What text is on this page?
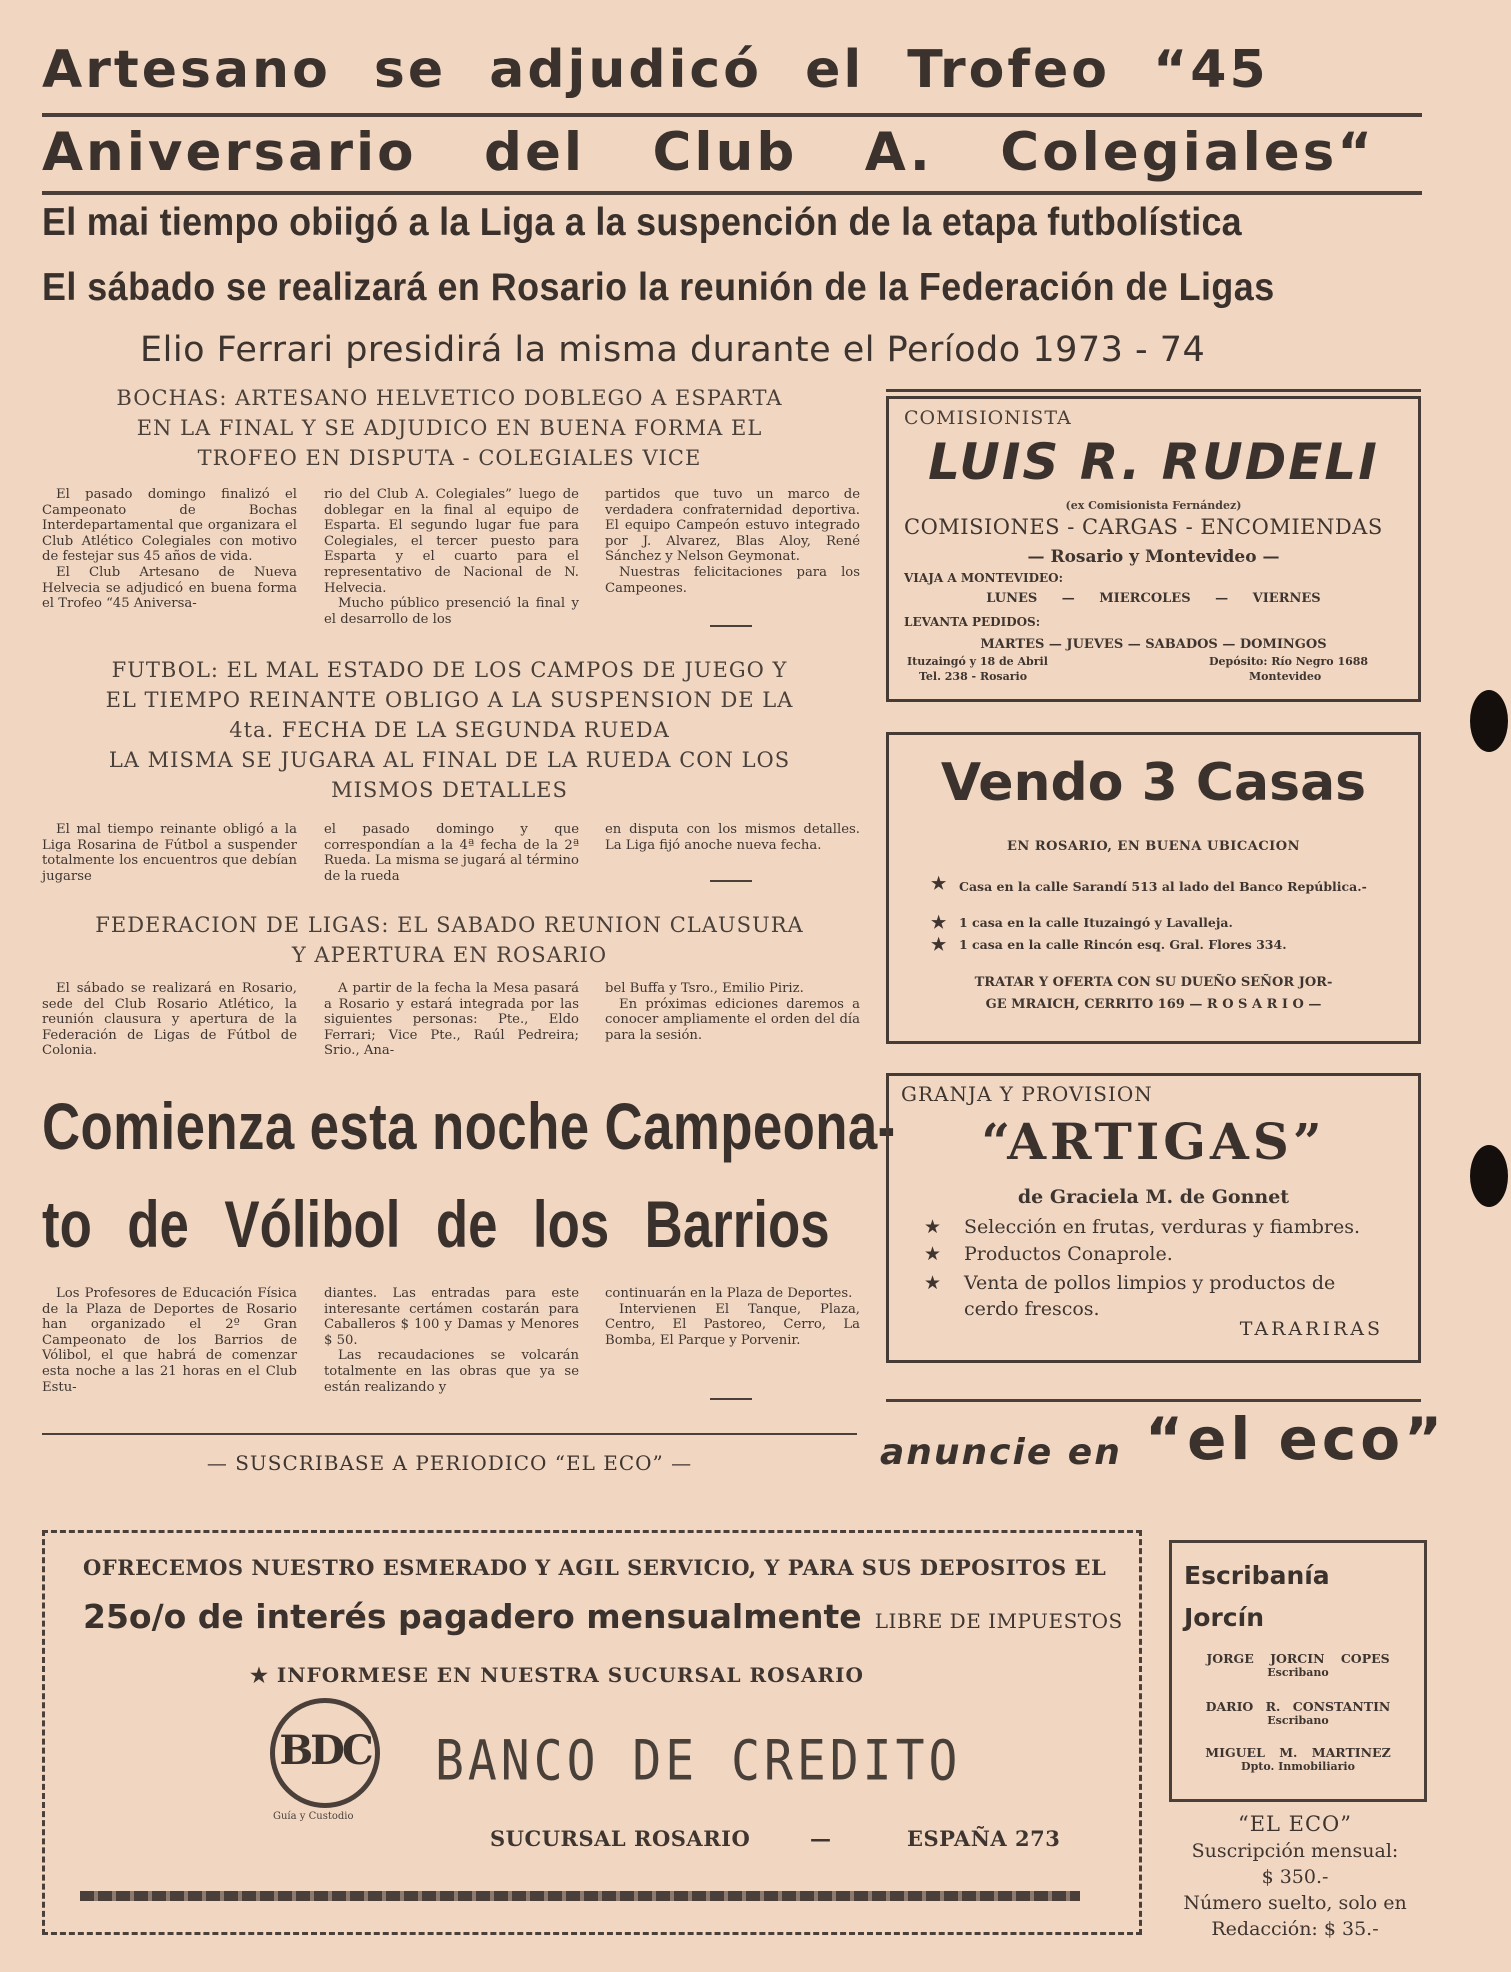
Artesano se adjudicó el Trofeo “45
Aniversario del Club A. Colegiales“
El mai tiempo obiigó a la Liga a la suspención de la etapa futbolística
El sábado se realizará en Rosario la reunión de la Federación de Ligas
Elio Ferrari presidirá la misma durante el Período 1973 - 74
BOCHAS: ARTESANO HELVETICO DOBLEGO A ESPARTA
EN LA FINAL Y SE ADJUDICO EN BUENA FORMA EL
TROFEO EN DISPUTA - COLEGIALES VICE

El pasado domingo finalizó el Campeonato de Bochas Interdepartamental que organizara el Club Atlético Colegiales con motivo de festejar sus 45 años de vida.

El Club Artesano de Nueva Helvecia se adjudicó en buena forma el Trofeo “45 Aniversa-

rio del Club A. Colegiales” luego de doblegar en la final al equipo de Esparta. El segundo lugar fue para Colegiales, el tercer puesto para Esparta y el cuarto para el representativo de Nacional de N. Helvecia.

Mucho público presenció la final y el desarrollo de los

partidos que tuvo un marco de verdadera confraternidad deportiva. El equipo Campeón estuvo integrado por J. Alvarez, Blas Aloy, René Sánchez y Nelson Geymonat.

Nuestras felicitaciones para los Campeones.

FUTBOL: EL MAL ESTADO DE LOS CAMPOS DE JUEGO Y
EL TIEMPO REINANTE OBLIGO A LA SUSPENSION DE LA
4ta. FECHA DE LA SEGUNDA RUEDA
LA MISMA SE JUGARA AL FINAL DE LA RUEDA CON LOS
MISMOS DETALLES

El mal tiempo reinante obligó a la Liga Rosarina de Fútbol a suspender totalmente los encuentros que debían jugarse

el pasado domingo y que correspondían a la 4ª fecha de la 2ª Rueda. La misma se jugará al término de la rueda

en disputa con los mismos detalles. La Liga fijó anoche nueva fecha.

FEDERACION DE LIGAS: EL SABADO REUNION CLAUSURA
Y APERTURA EN ROSARIO

El sábado se realizará en Rosario, sede del Club Rosario Atlético, la reunión clausura y apertura de la Federación de Ligas de Fútbol de Colonia.

A partir de la fecha la Mesa pasará a Rosario y estará integrada por las siguientes personas: Pte., Eldo Ferrari; Vice Pte., Raúl Pedreira; Srio., Ana-

bel Buffa y Tsro., Emilio Piriz.

En próximas ediciones daremos a conocer ampliamente el orden del día para la sesión.

Comienza esta noche Campeona-
to de Vólibol de los Barrios

Los Profesores de Educación Física de la Plaza de Deportes de Rosario han organizado el 2º Gran Campeonato de los Barrios de Vólibol, el que habrá de comenzar esta noche a las 21 horas en el Club Estu-

diantes. Las entradas para este interesante certámen costarán para Caballeros $ 100 y Damas y Menores $ 50.

Las recaudaciones se volcarán totalmente en las obras que ya se están realizando y

continuarán en la Plaza de Deportes.

Intervienen El Tanque, Plaza, Centro, El Pastoreo, Cerro, La Bomba, El Parque y Porvenir.

COMISIONISTA
LUIS R. RUDELI
(ex Comisionista Fernández)
COMISIONES - CARGAS - ENCOMIENDAS
— Rosario y Montevideo —
VIAJA A MONTEVIDEO:
LUNES — MIERCOLES — VIERNES
LEVANTA PEDIDOS:
MARTES — JUEVES — SABADOS — DOMINGOS
Ituzaingó y 18 de Abril
Tel. 238 - Rosario
Depósito: Río Negro 1688
Montevideo
Vendo 3 Casas
EN ROSARIO, EN BUENA UBICACION
★ Casa en la calle Sarandí 513 al lado del Banco República.-
★ 1 casa en la calle Ituzaingó y Lavalleja.
★ 1 casa en la calle Rincón esq. Gral. Flores 334.
TRATAR Y OFERTA CON SU DUEÑO SEÑOR JOR-
GE MRAICH, CERRITO 169 — R O S A R I O —
GRANJA Y PROVISION
“ARTIGAS”
de Graciela M. de Gonnet
★ Selección en frutas, verduras y fiambres.
★ Productos Conaprole.
★ Venta de pollos limpios y productos de cerdo frescos.
TARARIRAS
— SUSCRIBASE A PERIODICO “EL ECO” —	anuncie en “el eco”
OFRECEMOS NUESTRO ESMERADO Y AGIL SERVICIO, Y PARA SUS DEPOSITOS EL
25o/o de interés pagadero mensualmente LIBRE DE IMPUESTOS
★ INFORMESE EN NUESTRA SUCURSAL ROSARIO
BDC
Guía y Custodio
BANCO DE CREDITO
SUCURSAL ROSARIO	—	ESPAÑA 273
Escribanía
Jorcín
JORGE JORCIN COPES
Escribano
DARIO R. CONSTANTIN
Escribano
MIGUEL M. MARTINEZ
Dpto. Inmobiliario
“EL ECO”
Suscripción mensual:
$ 350.-
Número suelto, solo en
Redacción: $ 35.-
